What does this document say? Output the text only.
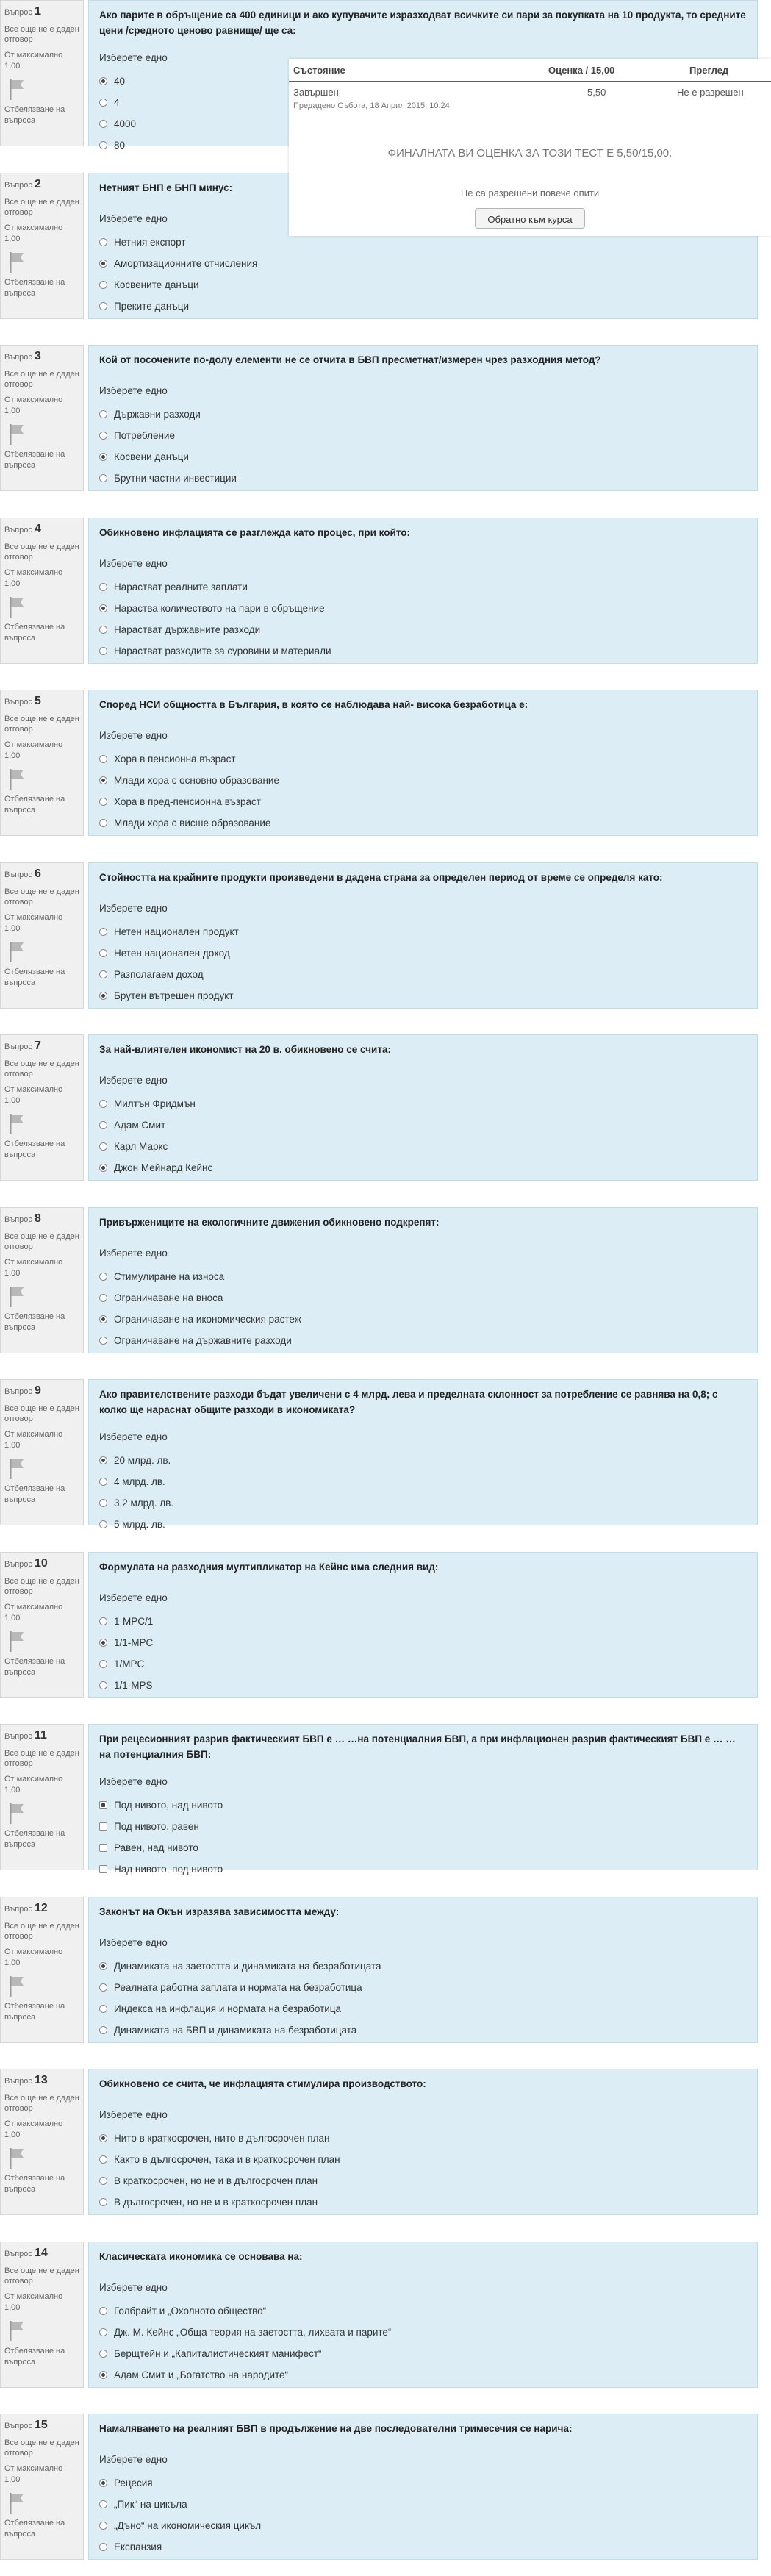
Въпрос 1
Все още не е даден отговор
От максимално 1,00
Отбелязване на въпроса
Ако парите в обръщение са 400 единици и ако купувачите изразходват всичките си пари за покупката на 10 продукта, то средните цени /средното ценово равнище/ ще са:
Изберете едно
40
4
4000
80
Въпрос 2
Все още не е даден отговор
От максимално 1,00
Отбелязване на въпроса
Нетният БНП е БНП минус:
Изберете едно
Нетния експорт
Амортизационните отчисления
Косвените данъци
Преките данъци
Въпрос 3
Все още не е даден отговор
От максимално 1,00
Отбелязване на въпроса
Кой от посочените по-долу елементи не се отчита в БВП пресметнат/измерен чрез разходния метод?
Изберете едно
Държавни разходи
Потребление
Косвени данъци
Брутни частни инвестиции
Въпрос 4
Все още не е даден отговор
От максимално 1,00
Отбелязване на въпроса
Обикновено инфлацията се разглежда като процес, при който:
Изберете едно
Нарастват реалните заплати
Нараства количеството на пари в обръщение
Нарастват държавните разходи
Нарастват разходите за суровини и материали
Въпрос 5
Все още не е даден отговор
От максимално 1,00
Отбелязване на въпроса
Според НСИ общността в България, в която се наблюдава най- висока безработица е:
Изберете едно
Хора в пенсионна възраст
Млади хора с основно образование
Хора в пред-пенсионна възраст
Млади хора с висше образование
Въпрос 6
Все още не е даден отговор
От максимално 1,00
Отбелязване на въпроса
Стойността на крайните продукти произведени в дадена страна за определен период от време се определя като:
Изберете едно
Нетен национален продукт
Нетен национален доход
Разполагаем доход
Брутен вътрешен продукт
Въпрос 7
Все още не е даден отговор
От максимално 1,00
Отбелязване на въпроса
За най-влиятелен икономист на 20 в. обикновено се счита:
Изберете едно
Милтън Фридмън
Адам Смит
Карл Маркс
Джон Мейнард Кейнс
Въпрос 8
Все още не е даден отговор
От максимално 1,00
Отбелязване на въпроса
Привържениците на екологичните движения обикновено подкрепят:
Изберете едно
Стимулиране на износа
Ограничаване на вноса
Ограничаване на икономическия растеж
Ограничаване на държавните разходи
Въпрос 9
Все още не е даден отговор
От максимално 1,00
Отбелязване на въпроса
Ако правителствените разходи бъдат увеличени с 4 млрд. лева и пределната склонност за потребление се равнява на 0,8; с колко ще нараснат общите разходи в икономиката?
Изберете едно
20 млрд. лв.
4 млрд. лв.
3,2 млрд. лв.
5 млрд. лв.
Въпрос 10
Все още не е даден отговор
От максимално 1,00
Отбелязване на въпроса
Формулата на разходния мултипликатор на Кейнс има следния вид:
Изберете едно
1-MPC/1
1/1-MPC
1/MPC
1/1-MPS
Въпрос 11
Все още не е даден отговор
От максимално 1,00
Отбелязване на въпроса
При рецесионният разрив фактическият БВП е … …на потенциалния БВП, а при инфлационен разрив фактическият БВП е … … на потенциалния БВП:
Изберете едно
Под нивото, над нивото
Под нивото, равен
Равен, над нивото
Над нивото, под нивото
Въпрос 12
Все още не е даден отговор
От максимално 1,00
Отбелязване на въпроса
Законът на Окън изразява зависимостта между:
Изберете едно
Динамиката на заетостта и динамиката на безработицата
Реалната работна заплата и нормата на безработица
Индекса на инфлация и нормата на безработица
Динамиката на БВП и динамиката на безработицата
Въпрос 13
Все още не е даден отговор
От максимално 1,00
Отбелязване на въпроса
Обикновено се счита, че инфлацията стимулира производството:
Изберете едно
Нито в краткосрочен, нито в дългосрочен план
Както в дългосрочен, така и в краткосрочен план
В краткосрочен, но не и в дългосрочен план
В дългосрочен, но не и в краткосрочен план
Въпрос 14
Все още не е даден отговор
От максимално 1,00
Отбелязване на въпроса
Класическата икономика се основава на:
Изберете едно
Голбрайт и „Охолното общество“
Дж. М. Кейнс „Обща теория на заетостта, лихвата и парите“
Берщтейн и „Капиталистическият манифест“
Адам Смит и „Богатство на народите“
Въпрос 15
Все още не е даден отговор
От максимално 1,00
Отбелязване на въпроса
Намаляването на реалният БВП в продължение на две последователни тримесечия се нарича:
Изберете едно
Рецесия
„Пик“ на цикъла
„Дъно“ на икономическия цикъл
Експанзия
Състояние	Оценка / 15,00	Преглед
Завършен
Предадено Събота, 18 Април 2015, 10:24
5,50	Не е разрешен
ФИНАЛНАТА ВИ ОЦЕНКА ЗА ТОЗИ ТЕСТ Е 5,50/15,00.
Не са разрешени повече опити
Обратно към курса
